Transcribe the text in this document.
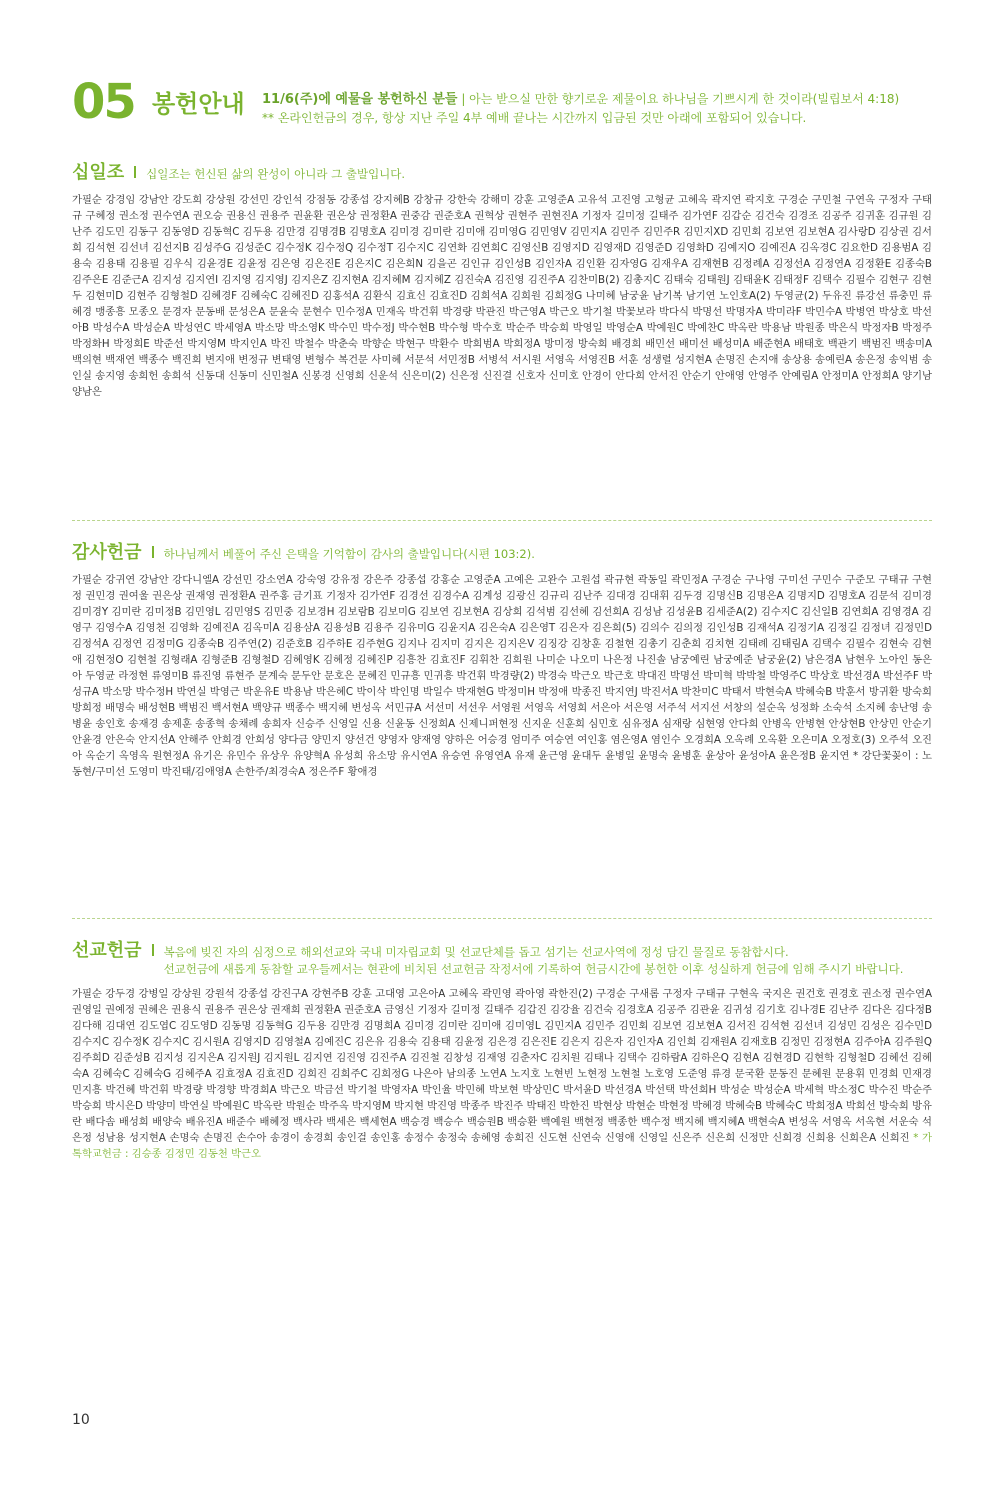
05 봉헌안내 11/6(주)에 예물을 봉헌하신 분들 | 아는 받으실 만한 향기로운 제물이요 하나님을 기쁘시게 한 것이라(빌립보서 4:18)
** 온라인헌금의 경우, 항상 지난 주일 4부 예배 끝나는 시간까지 입금된 것만 아래에 포함되어 있습니다.
십일조 십일조는 헌신된 삶의 완성이 아니라 그 출발입니다.
가필순 강경임 강남안 강도희 강상원 강선민 강인석 강점동 강종섭 강지혜B 강창규 강한숙 강해미 강훈 고영준A 고유석 고진영 고형균 고혜옥 곽지연 곽지호 구경순 구민철 구연옥 구정자 구태규 구혜정 권소정 권수연A 권오승 권용신 권용주 권윤환 권은상 권정환A 권중감 권준호A 권혁상 권현주 권현진A 기정자 길미정 길태주 김가연F 김갑순 김건숙 김경조 김공주 김귀훈 김규원 김난주 김도민 김동구 김동영D 김동혁C 김두용 김만경 김명경B 김명호A 김미경 김미란 김미애 김미영G 김민영V 김민지A 김민주 김민주R 김민지XD 김민회 김보연 김보현A 김사랑D 김상권 김서희 김석현 김선녀 김선지B 김성주G 김성준C 김수정K 김수정Q 김수정T 김수지C 김연화 김연희C 김영신B 김영지D 김영재D 김영준D 김영화D 김예지O 김예진A 김옥경C 김요한D 김용범A 김용숙 김용태 김용필 김우식 김윤경E 김윤정 김은영 김은진E 김은지C 김은희N 김을곤 김인규 김인성B 김인자A 김인환 김자영G 김재우A 김재현B 김정례A 김정선A 김정연A 김정환E 김종숙B 김주은E 김준근A 김지성 김지연I 김지영 김지영J 김지은Z 김지현A 김지혜M 김지혜Z 김진숙A 김진영 김진주A 김찬미B(2) 김총지C 김태숙 김태원J 김태윤K 김태정F 김택수 김필수 김현구 김현두 김현미D 김현주 김형철D 김혜경F 김혜숙C 김혜진D 김홍석A 김환식 김효신 김효진D 김희석A 김희원 김희정G 나미혜 남궁윤 남기복 남기연 노인호A(2) 두영균(2) 두유진 류강선 류충민 류혜경 맹종흥 모종오 문경자 문동배 문성은A 문윤숙 문현수 민수정A 민재옥 박건휘 박경량 박관진 박근영A 박근오 박기철 박꽃보라 박다식 박명선 박명자A 박미라F 박민수A 박병연 박상호 박선아B 박성수A 박성순A 박성연C 박세영A 박소망 박소영K 박수민 박수정J 박수현B 박수형 박수호 박순주 박승희 박영일 박영순A 박예원C 박예찬C 박옥란 박용남 박원종 박은식 박정자B 박정주 박정화H 박정희E 박준선 박지영M 박지인A 박진 박철수 박춘숙 박향순 박현구 박환수 박희범A 박희정A 방미정 방숙희 배경희 배민선 배미선 배성미A 배준현A 배태호 백관기 백범진 백송미A 백의현 백재연 백종수 백진희 변지애 변정규 변태영 변형수 복건문 사미혜 서문석 서민정B 서병석 서시원 서영옥 서영진B 서훈 성생렬 성지현A 손명진 손지애 송상용 송예린A 송은정 송익범 송인실 송지영 송희헌 송희석 신동대 신동미 신민철A 신봉경 신영희 신운석 신은미(2) 신은정 신진결 신호자 신미호 안경이 안다희 안서진 안순기 안애영 안영주 안예림A 안정미A 안정희A 양기남 양남은
감사헌금 하나님께서 베풀어 주신 은택을 기억함이 감사의 출발입니다(시편 103:2).
가필순 강귀연 강남안 강다니엘A 강선민 강소연A 강숙영 강유정 강은주 강종섭 강홍순 고영준A 고예은 고완수 고원섭 곽규현 곽동일 곽민정A 구경순 구나영 구미선 구민수 구준모 구태규 구현정 권민경 권여울 권은상 권재영 권정환A 권주홍 금기표 기정자 김가연F 김경선 김경수A 김계성 김광신 김규리 김난주 김대경 김대휘 김두경 김명신B 김명은A 김명지D 김명호A 김문석 김미경 김미경Y 김미란 김미정B 김민영L 김민영S 김민중 김보경H 김보람B 김보미G 김보연 김보현A 김상희 김석범 김선혜 김선희A 김성남 김성윤B 김세준A(2) 김수지C 김신일B 김연희A 김영경A 김영구 김영수A 김영천 김영화 김예진A 김옥미A 김용삼A 김용성B 김용주 김유미G 김윤지A 김은숙A 김은영T 김은자 김은희(5) 김의수 김의정 김인성B 김재석A 김정기A 김정길 김정녀 김정민D 김정석A 김정연 김정미G 김종숙B 김주연(2) 김준호B 김주하E 김주현G 김지나 김지미 김지은 김지은V 김징강 김창훈 김철현 김총기 김춘희 김치현 김태례 김태림A 김택수 김필수 김현숙 김현애 김현정O 김현철 김형래A 김형준B 김형철D 김혜영K 김혜정 김혜진P 김흥찬 김효진F 김휘찬 김희원 나미순 나오미 나은정 나진솔 남궁예린 남궁예준 남궁윤(2) 남은경A 남현우 노아인 동은아 두영균 라정현 류영미B 류진영 류현주 문계숙 문두안 문호은 문혜진 민규흥 민귀흥 박건휘 박경량(2) 박경숙 박근오 박근호 박대진 박명선 박미혁 박박철 박영주C 박상호 박선경A 박선주F 박성규A 박소망 박수정H 박연실 박영근 박운유E 박용남 박은혜C 박이삭 박인명 박일수 박재현G 박정미H 박정애 박종진 박지연J 박진서A 박찬미C 박태서 박현숙A 박혜숙B 박훈서 방귀환 방숙희 방희정 배명숙 배성현B 백범진 백서현A 백양규 백종수 백지혜 변성옥 서민규A 서선미 서선우 서영원 서영옥 서영희 서은아 서은영 서주석 서지선 서창의 설순옥 성정화 소숙석 소지혜 송난영 송병윤 송인호 송재경 송제훈 송종혁 송채례 송희자 신승주 신영일 신용 신윤동 신정희A 신제니퍼현정 신지운 신훈희 심민호 심유정A 심재랑 심현영 안다희 안병옥 안병현 안상현B 안상민 안순기 안윤경 안은숙 안지선A 안해주 안희경 안희성 양다금 양민지 양선건 양영자 양재영 양하은 어승경 엄미주 여승연 여인홍 염은영A 염인수 오경희A 오옥례 오옥환 오은미A 오정호(3) 오주석 오진아 옥순기 옥영옥 원현정A 유기은 유민수 유상우 유양혁A 유성희 유소망 유시연A 유승연 유영연A 유재 윤근영 윤대두 윤병일 윤명숙 윤병훈 윤상아 윤성아A 윤은정B 윤지연 * 강단꽃꽂이 : 노동현/구미선 도영미 박진태/김애영A 손한주/최경숙A 정은주F 황애경
선교헌금 복음에 빚진 자의 심정으로 해외선교와 국내 미자립교회 및 선교단체를 돕고 섬기는 선교사역에 정성 담긴 물질로 동참합시다.
선교헌금에 새롭게 동참할 교우들께서는 현관에 비치된 선교헌금 작정서에 기록하여 헌금시간에 봉헌한 이후 성실하게 헌금에 임해 주시기 바랍니다.
가필순 강두경 강병일 강상원 강원석 강종섭 강진구A 강현주B 강훈 고대영 고은아A 고혜옥 곽민영 곽아영 곽한진(2) 구경순 구새롬 구정자 구태규 구현옥 국지은 권건호 권경호 권소정 권수연A 권영일 권예정 권혜은 권용식 권용주 권은상 권재희 권정환A 권준호A 금영신 기정자 길미정 길태주 김갑진 김강율 김건숙 김경호A 김공주 김관윤 김귀성 김기호 김나경E 김난주 김다은 김다정B 김다해 김대연 김도엽C 김도영D 김동명 김동혁G 김두용 김만경 김명희A 김미경 김미란 김미애 김미영L 김민지A 김민주 김민회 김보연 김보현A 김서진 김석현 김선녀 김성민 김성은 김수민D 김수지C 김수정K 김수지C 김시원A 김영지D 김영철A 김예진C 김은유 김용숙 김용태 김윤정 김은경 김은진E 김은지 김은자 김인자A 김인희 김재원A 김재호B 김정민 김정현A 김주아A 김주원Q 김주희D 김준성B 김지성 김지은A 김지원J 김지원L 김지연 김진영 김진주A 김진철 김창성 김재영 김춘자C 김치원 김태나 김택수 김하람A 김하은Q 김현A 김현경D 김현학 김형철D 김혜선 김혜숙A 김혜숙C 김혜숙G 김혜주A 김효정A 김효진D 김희진 김희주C 김희정G 나은아 남의종 노연A 노지호 노현빈 노현정 노현철 노호영 도준영 류경 문국환 문동진 문혜원 문용휘 민경희 민재경 민지흥 박건혜 박건휘 박경량 박경향 박경희A 박근오 박금선 박기철 박영자A 박인율 박민혜 박보현 박상민C 박서윤D 박선경A 박선택 박선희H 박성순 박성순A 박세혁 박소정C 박수진 박순주 박승희 박시은D 박양미 박연실 박예원C 박옥란 박원순 박주옥 박지영M 박지현 박진영 박종주 박진주 박태진 박한진 박현상 박현순 박현정 박혜경 박혜숙B 박혜숙C 박희정A 박희선 방숙희 방유란 배다솜 배성희 배양숙 배유진A 배준수 배혜정 백사라 백세은 백세현A 백승경 백승수 백승원B 백승환 백예원 백현정 백종한 백수정 백지혜 백지혜A 백현숙A 변성옥 서영옥 서옥현 서운숙 석은정 성남용 성지현A 손명숙 손명진 손수아 송경이 송경희 송인걸 송인홍 송정수 송정숙 송혜영 송희진 신도현 신연숙 신영애 신영일 신은주 신은희 신정만 신희경 신희용 신희은A 신희진 * 가톡학교헌금 : 김승종 김정민 김동천 박근오
10
